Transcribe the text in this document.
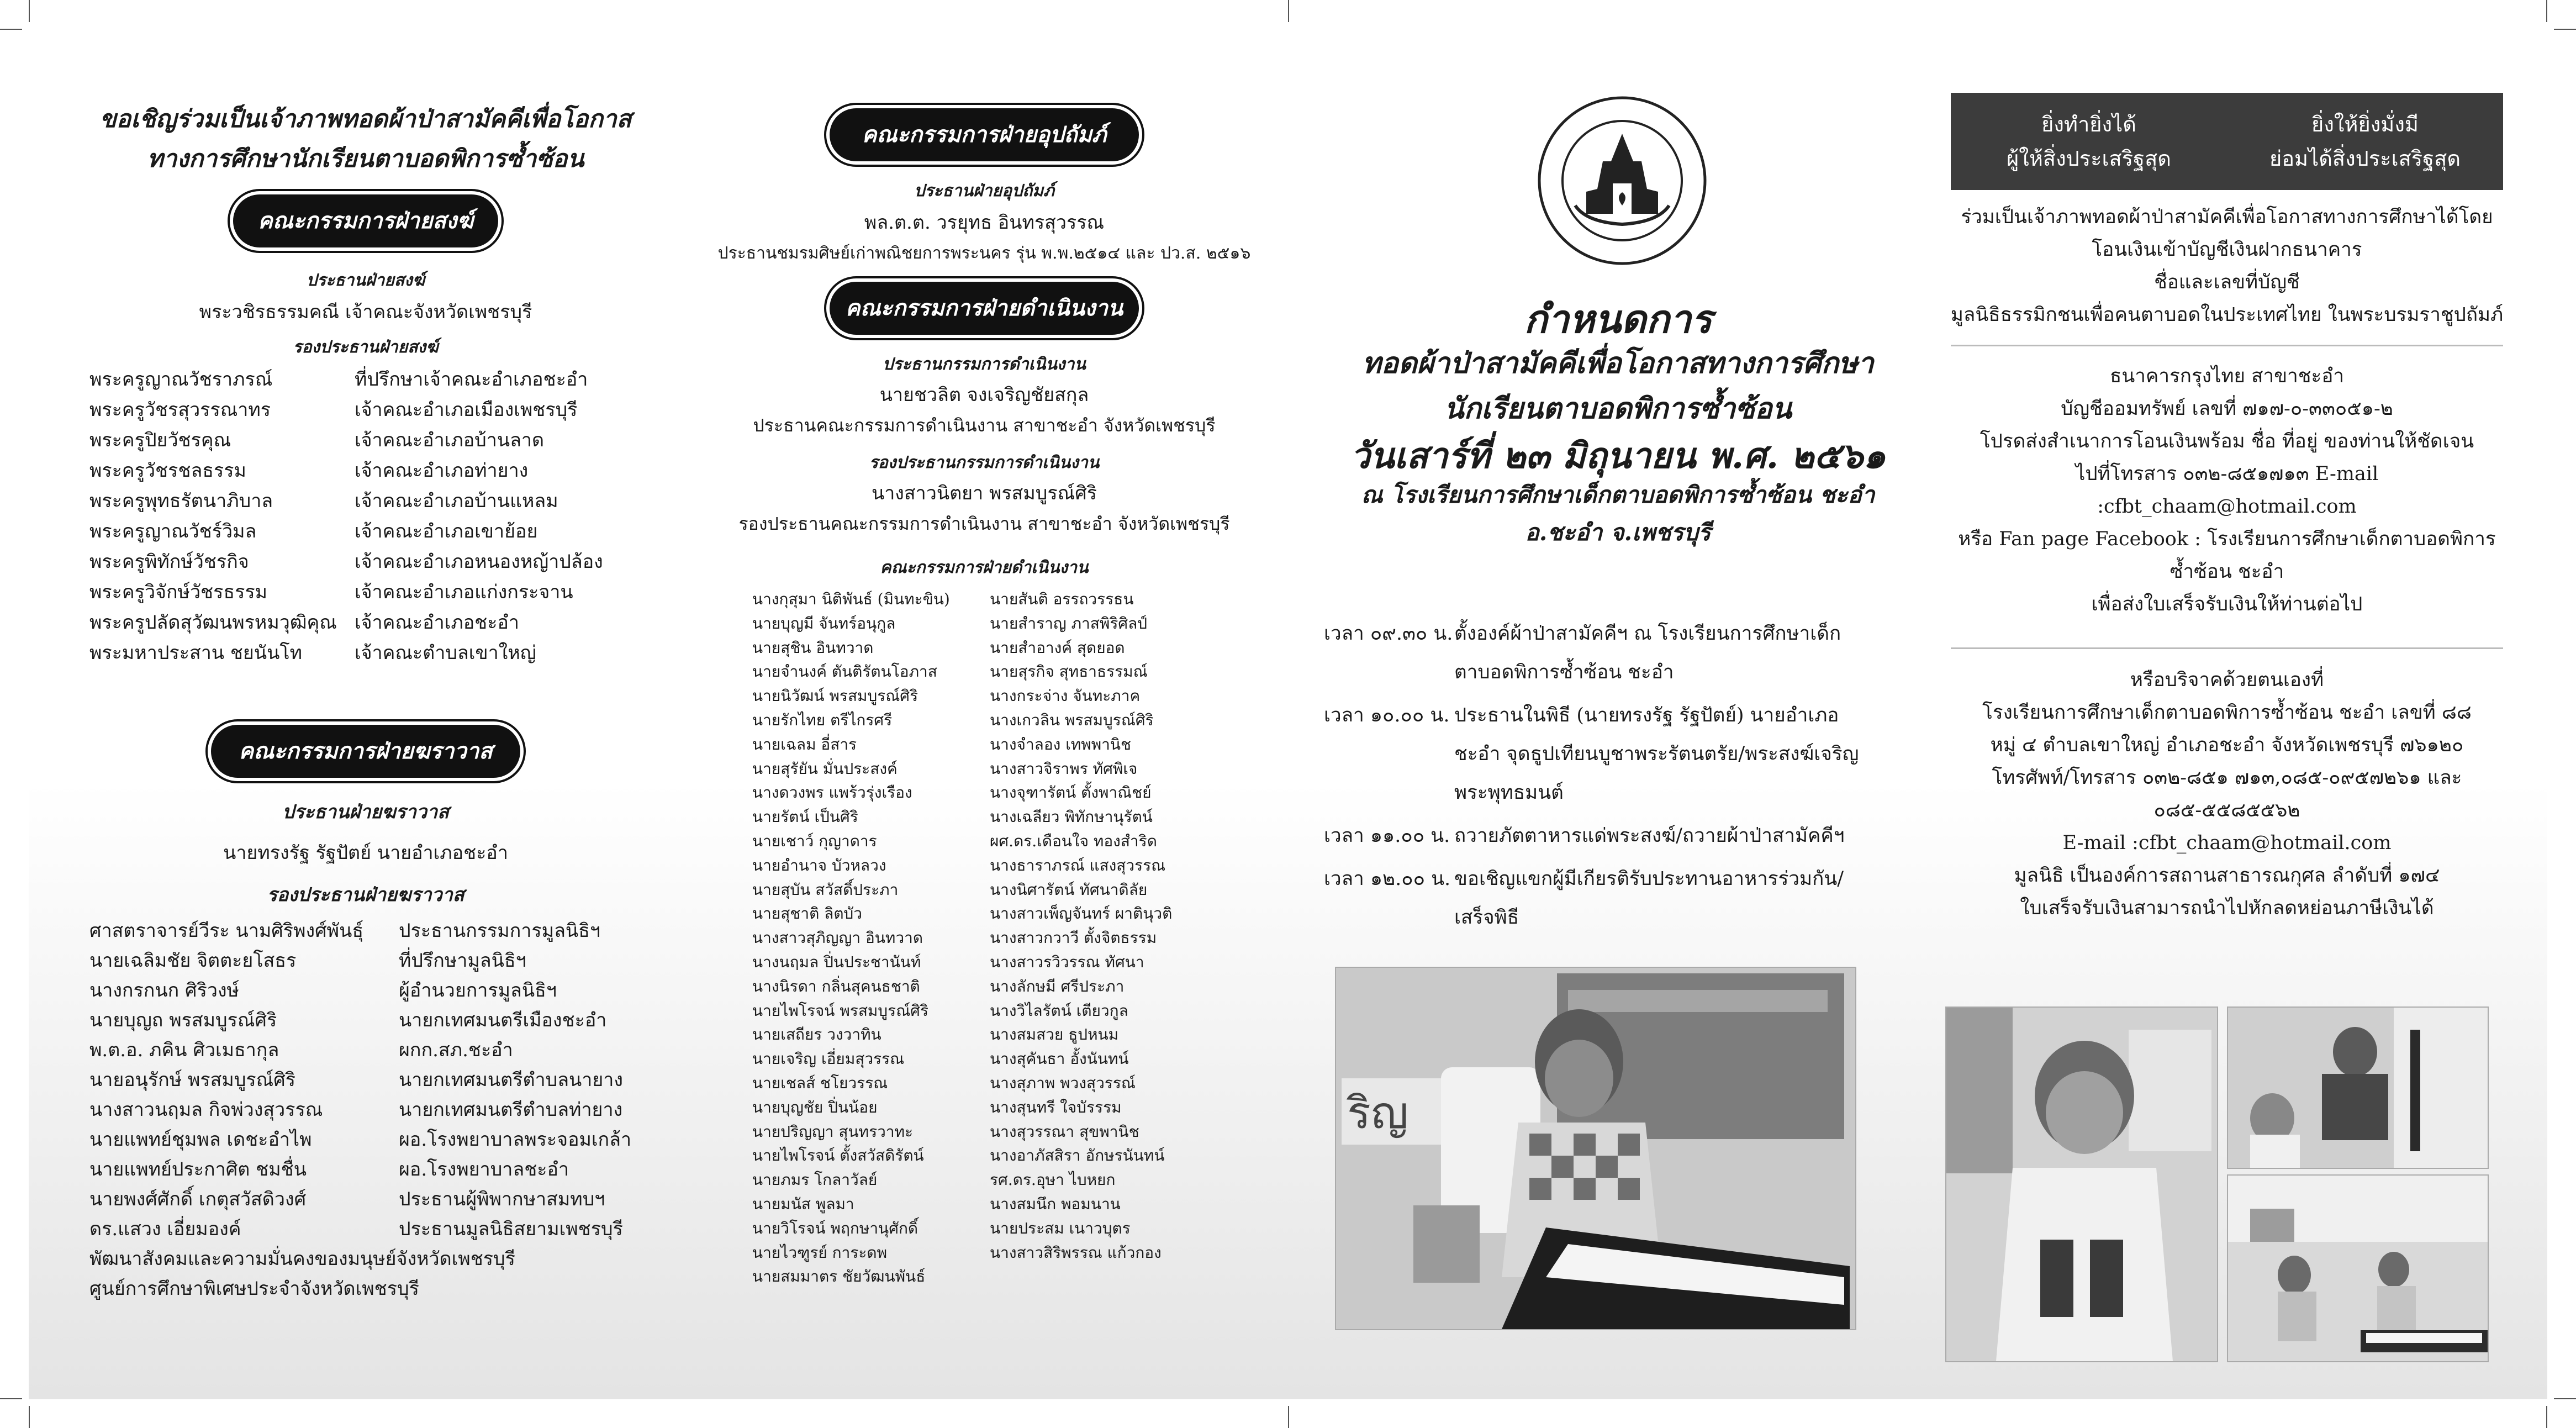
ขอเชิญร่วมเป็นเจ้าภาพทอดผ้าป่าสามัคคีเพื่อโอกาส
ทางการศึกษานักเรียนตาบอดพิการซ้ำซ้อน
คณะกรรมการฝ่ายสงฆ์
ประธานฝ่ายสงฆ์
พระวชิรธรรมคณี เจ้าคณะจังหวัดเพชรบุรี
รองประธานฝ่ายสงฆ์
พระครูญาณวัชราภรณ์	ที่ปรึกษาเจ้าคณะอำเภอชะอำ
พระครูวัชรสุวรรณาทร	เจ้าคณะอำเภอเมืองเพชรบุรี
พระครูปิยวัชรคุณ	เจ้าคณะอำเภอบ้านลาด
พระครูวัชรชลธรรม	เจ้าคณะอำเภอท่ายาง
พระครูพุทธรัตนาภิบาล	เจ้าคณะอำเภอบ้านแหลม
พระครูญาณวัชร์วิมล	เจ้าคณะอำเภอเขาย้อย
พระครูพิทักษ์วัชรกิจ	เจ้าคณะอำเภอหนองหญ้าปล้อง
พระครูวิจักษ์วัชรธรรม	เจ้าคณะอำเภอแก่งกระจาน
พระครูปลัดสุวัฒนพรหมวุฒิคุณ เจ้าคณะอำเภอชะอำ
พระมหาประสาน ชยนันโท	เจ้าคณะตำบลเขาใหญ่
คณะกรรมการฝ่ายฆราวาส
ประธานฝ่ายฆราวาส
นายทรงรัฐ รัฐปัตย์ นายอำเภอชะอำ
รองประธานฝ่ายฆราวาส
ศาสตราจารย์วีระ นามศิริพงศ์พันธุ์	ประธานกรรมการมูลนิธิฯ
นายเฉลิมชัย จิตตะยโสธร	ที่ปรึกษามูลนิธิฯ
นางกรกนก ศิริวงษ์	ผู้อำนวยการมูลนิธิฯ
นายบุญถ พรสมบูรณ์ศิริ	นายกเทศมนตรีเมืองชะอำ
พ.ต.อ. ภคิน ศิวเมธากุล	ผกก.สภ.ชะอำ
นายอนุรักษ์ พรสมบูรณ์ศิริ	นายกเทศมนตรีตำบลนายาง
นางสาวนฤมล กิจพ่วงสุวรรณ	นายกเทศมนตรีตำบลท่ายาง
นายแพทย์ชุมพล เดชะอำไพ	ผอ.โรงพยาบาลพระจอมเกล้า
นายแพทย์ประกาศิต ชมชื่น	ผอ.โรงพยาบาลชะอำ
นายพงศ์ศักดิ์ เกตุสวัสดิวงศ์	ประธานผู้พิพากษาสมทบฯ
ดร.แสวง เอี่ยมองค์	ประธานมูลนิธิสยามเพชรบุรี
พัฒนาสังคมและความมั่นคงของมนุษย์จังหวัดเพชรบุรี
ศูนย์การศึกษาพิเศษประจำจังหวัดเพชรบุรี
คณะกรรมการฝ่ายอุปถัมภ์
ประธานฝ่ายอุปถัมภ์
พล.ต.ต. วรยุทธ อินทรสุวรรณ
ประธานชมรมศิษย์เก่าพณิชยการพระนคร รุ่น พ.พ.๒๕๑๔ และ ปว.ส. ๒๕๑๖
คณะกรรมการฝ่ายดำเนินงาน
ประธานกรรมการดำเนินงาน
นายชวลิต จงเจริญชัยสกุล
ประธานคณะกรรมการดำเนินงาน สาขาชะอำ จังหวัดเพชรบุรี
รองประธานกรรมการดำเนินงาน
นางสาวนิตยา พรสมบูรณ์ศิริ
รองประธานคณะกรรมการดำเนินงาน สาขาชะอำ จังหวัดเพชรบุรี
คณะกรรมการฝ่ายดำเนินงาน
นางกุสุมา นิติพันธ์ (มินทะขิน)	นายสันติ อรรถวรรธน
นายบุญมี จันทร์อนุกูล	นายสำราญ ภาสพิริศิลป์
นายสุชิน อินทวาด	นายสำอางค์ สุดยอด
นายจำนงค์ ตันติรัตนโอภาส	นายสุรกิจ สุทธาธรรมณ์
นายนิวัฒน์ พรสมบูรณ์ศิริ	นางกระจ่าง จันทะภาค
นายรักไทย ตรีไกรศรี	นางเกวลิน พรสมบูรณ์ศิริ
นายเฉลม อี่สาร	นางจำลอง เทพพานิช
นายสุรัยัน มั่นประสงค์	นางสาวจิราพร ทัศพิเจ
นางดวงพร แพร้วรุ่งเรือง	นางจุฑารัตน์ ตั้งพาณิชย์
นายรัตน์ เป็นศิริ	นางเฉลียว พิทักษานุรัตน์
นายเชาว์ กุญาดาร	ผศ.ดร.เดือนใจ ทองสำริด
นายอำนาจ บัวหลวง	นางธาราภรณ์ แสงสุวรรณ
นายสุบัน สวัสดิ์ประภา	นางนิศารัตน์ ทัศนาดิลัย
นายสุชาติ ลิตบัว	นางสาวเพ็ญจันทร์ ผาตินุวติ
นางสาวสุภิญญา อินทวาด	นางสาวกวาวี ตั้งจิตธรรม
นางนฤมล ปิ่นประชานันท์	นางสาวรวิวรรณ ทัศนา
นางนิรดา กลิ่นสุคนธชาติ	นางลักษมี ศรีประภา
นายไพโรจน์ พรสมบูรณ์ศิริ	นางวิไลรัตน์ เตียวกูล
นายเสถียร วงวาทิน	นางสมสวย ธูปหนม
นายเจริญ เอี่ยมสุวรรณ	นางสุคันธา อั้งนันทน์
นายเชลส์ ชโยวรรณ	นางสุภาพ พวงสุวรรณ์
นายบุญชัย ปิ่นน้อย	นางสุนทรี ใจบัรรรม
นายปริญญา สุนทรวาทะ	นางสุวรรณา สุขพานิช
นายไพโรจน์ ตั้งสวัสดิรัตน์	นางอาภัสสิรา อักษรนันทน์
นายภมร โกลาวัลย์	รศ.ดร.อุษา ไบหยก
นายมนัส พูลมา	นางสมนึก พอมนาน
นายวิโรจน์ พฤกษานุศักดิ์	นายประสม เนาวบุตร
นายไวฑูรย์ การะดพ	นางสาวสิริพรรณ แก้วกอง
นายสมมาตร ชัยวัฒนพันธ์
กำหนดการ
ทอดผ้าป่าสามัคคีเพื่อโอกาสทางการศึกษา
นักเรียนตาบอดพิการซ้ำซ้อน
วันเสาร์ที่ ๒๓ มิถุนายน พ.ศ. ๒๕๖๑
ณ โรงเรียนการศึกษาเด็กตาบอดพิการซ้ำซ้อน ชะอำ
อ.ชะอำ จ.เพชรบุรี
เวลา ๐๙.๓๐ น. ตั้งองค์ผ้าป่าสามัคคีฯ ณ โรงเรียนการศึกษาเด็กตาบอดพิการซ้ำซ้อน ชะอำ
เวลา ๑๐.๐๐ น. ประธานในพิธี (นายทรงรัฐ รัฐปัตย์) นายอำเภอชะอำ จุดธูปเทียนบูชาพระรัตนตรัย/พระสงฆ์เจริญพระพุทธมนต์
เวลา ๑๑.๐๐ น. ถวายภัตตาหารแด่พระสงฆ์/ถวายผ้าป่าสามัคคีฯ
เวลา ๑๒.๐๐ น. ขอเชิญแขกผู้มีเกียรติรับประทานอาหารร่วมกัน/เสร็จพิธี
ริญ
ยิ่งทำยิ่งได้
ผู้ให้สิ่งประเสริฐสุด
ยิ่งให้ยิ่งมั่งมี
ย่อมได้สิ่งประเสริฐสุด
ร่วมเป็นเจ้าภาพทอดผ้าป่าสามัคคีเพื่อโอกาสทางการศึกษาได้โดย
โอนเงินเข้าบัญชีเงินฝากธนาคาร
ชื่อและเลขที่บัญชี
มูลนิธิธรรมิกชนเพื่อคนตาบอดในประเทศไทย ในพระบรมราชูปถัมภ์
ธนาคารกรุงไทย สาขาชะอำ
บัญชีออมทรัพย์ เลขที่ ๗๑๗-๐-๓๓๐๕๑-๒
โปรดส่งสำเนาการโอนเงินพร้อม ชื่อ ที่อยู่ ของท่านให้ชัดเจน
ไปที่โทรสาร ๐๓๒-๘๕๑๗๑๓ E-mail :cfbt_chaam@hotmail.com
หรือ Fan page Facebook : โรงเรียนการศึกษาเด็กตาบอดพิการ
ซ้ำซ้อน ชะอำ
เพื่อส่งใบเสร็จรับเงินให้ท่านต่อไป
หรือบริจาคด้วยตนเองที่
โรงเรียนการศึกษาเด็กตาบอดพิการซ้ำซ้อน ชะอำ เลขที่ ๘๘
หมู่ ๔ ตำบลเขาใหญ่ อำเภอชะอำ จังหวัดเพชรบุรี ๗๖๑๒๐
โทรศัพท์/โทรสาร ๐๓๒-๘๕๑ ๗๑๓,๐๘๕-๐๙๕๗๒๖๑ และ
๐๘๕-๕๕๘๕๕๖๒
E-mail :cfbt_chaam@hotmail.com
มูลนิธิ เป็นองค์การสถานสาธารณกุศล ลำดับที่ ๑๗๔
ใบเสร็จรับเงินสามารถนำไปหักลดหย่อนภาษีเงินได้
